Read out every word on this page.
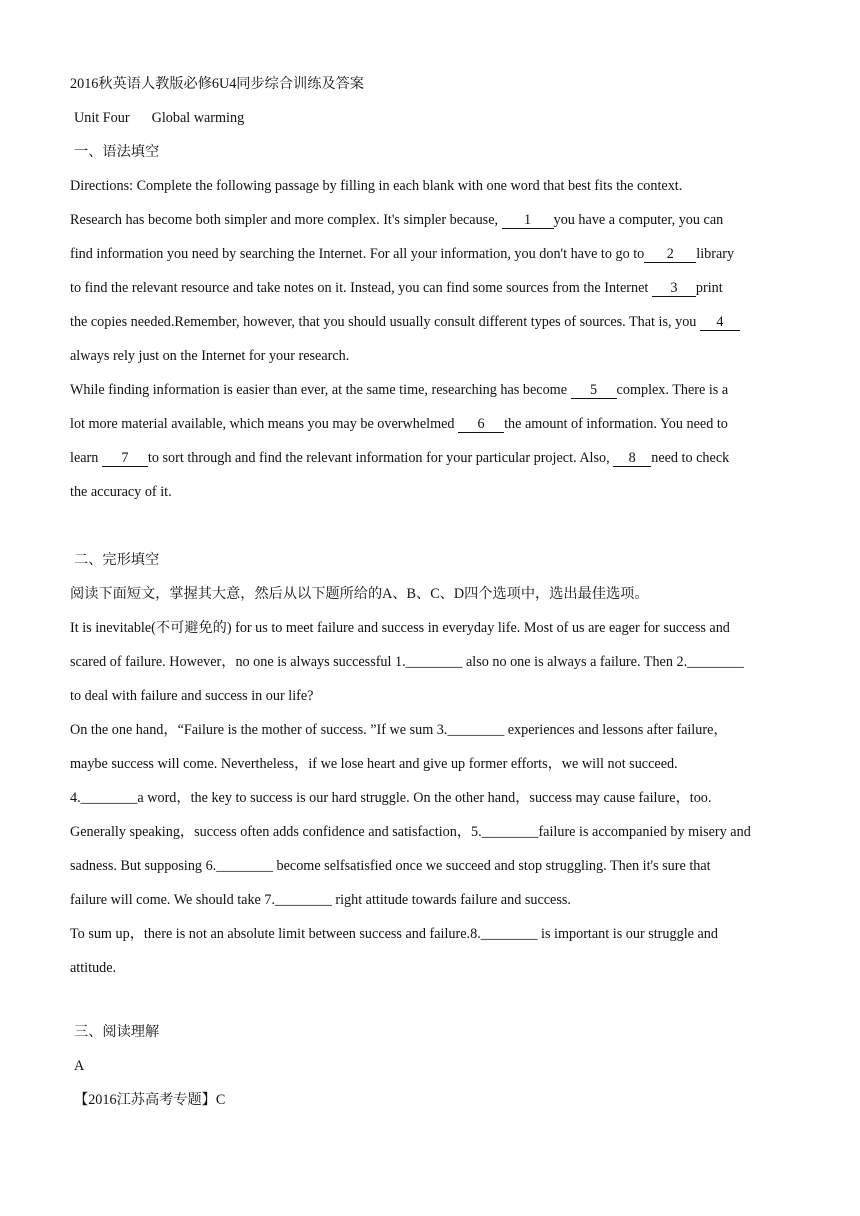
2016秋英语人教版必修6U4同步综合训练及答案
Unit Four Global warming
一、语法填空
Directions: Complete the following passage by filling in each blank with one word that best fits the context.
Research has become both simpler and more complex. It's simpler because, 1 you have a computer, you can
find information you need by searching the Internet. For all your information, you don't have to go to 2 library
to find the relevant resource and take notes on it. Instead, you can find some sources from the Internet 3 print
the copies needed.Remember, however, that you should usually consult different types of sources. That is, you 4
always rely just on the Internet for your research.
While finding information is easier than ever, at the same time, researching has become 5 complex. There is a
lot more material available, which means you may be overwhelmed 6 the amount of information. You need to
learn 7 to sort through and find the relevant information for your particular project. Also, 8 need to check
the accuracy of it.
二、完形填空
阅读下面短文，掌握其大意，然后从以下题所给的A、B、C、D四个选项中，选出最佳选项。
It is inevitable(不可避免的) for us to meet failure and success in everyday life. Most of us are eager for success and
scared of failure. However，no one is always successful 1.________ also no one is always a failure. Then 2.________
to deal with failure and success in our life?
On the one hand，“Failure is the mother of success. ”If we sum 3.________ experiences and lessons after failure，
maybe success will come. Nevertheless，if we lose heart and give up former efforts，we will not succeed.
4.________a word，the key to success is our hard struggle. On the other hand，success may cause failure，too.
Generally speaking，success often adds confidence and satisfaction，5.________failure is accompanied by misery and
sadness. But supposing 6.________ become selfsatisfied once we succeed and stop struggling. Then it's sure that
failure will come. We should take 7.________ right attitude towards failure and success.
To sum up，there is not an absolute limit between success and failure.8.________ is important is our struggle and
attitude.
三、阅读理解
A
【2016江苏高考专题】C
